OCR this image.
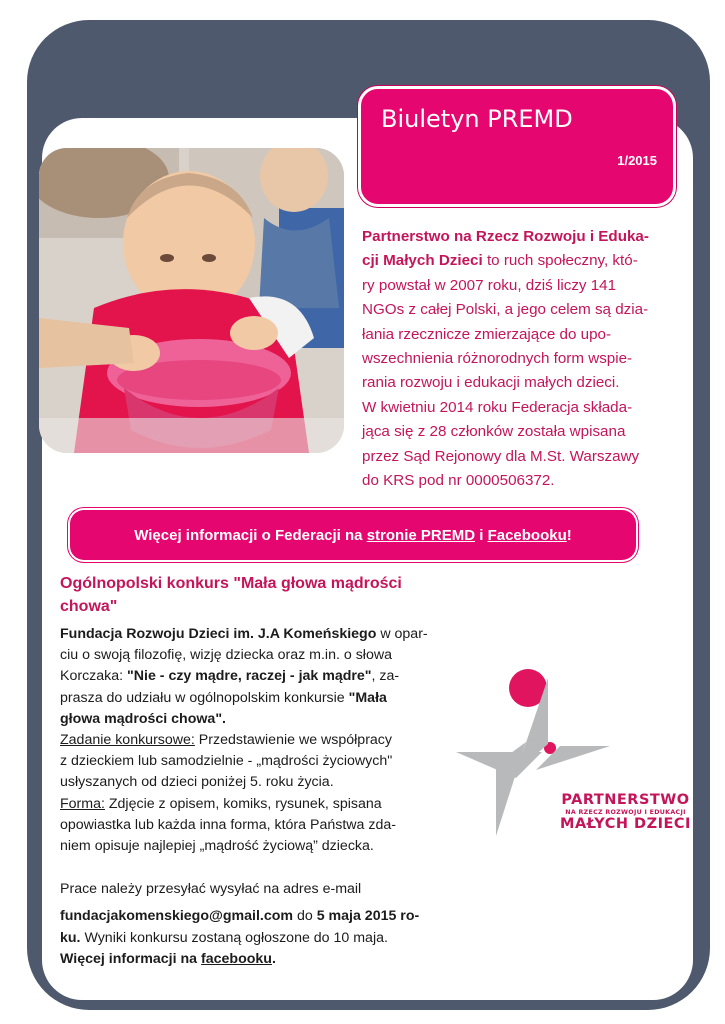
Biuletyn PREMD
1/2015
Partnerstwo na Rzecz Rozwoju i Eduka-
cji Małych Dzieci to ruch społeczny, któ-
ry powstał w 2007 roku, dziś liczy 141
NGOs z całej Polski, a jego celem są dzia-
łania rzecznicze zmierzające do upo-
wszechnienia różnorodnych form wspie-
rania rozwoju i edukacji małych dzieci.
W kwietniu 2014 roku Federacja składa-
jąca się z 28 członków została wpisana
przez Sąd Rejonowy dla M.St. Warszawy
do KRS pod nr 0000506372.
Więcej informacji o Federacji na stronie PREMD i Facebooku !
Ogólnopolski konkurs "Mała głowa mądrości chowa"

Fundacja Rozwoju Dzieci im. J.A Komeńskiego w opar-
ciu o swoją filozofię, wizję dziecka oraz m.in. o słowa
Korczaka: "Nie - czy mądre, raczej - jak mądre", za-
prasza do udziału w ogólnopolskim konkursie "Mała
głowa mądrości chowa".
Zadanie konkursowe: Przedstawienie we współpracy
z dzieckiem lub samodzielnie - „mądrości życiowych"
usłyszanych od dzieci poniżej 5. roku życia.
Forma: Zdjęcie z opisem, komiks, rysunek, spisana
opowiastka lub każda inna forma, która Państwa zda-
niem opisuje najlepiej „mądrość życiową” dziecka.

Prace należy przesyłać wysyłać na adres e-mail

fundacjakomenskiego@gmail.com do 5 maja 2015 ro-
ku. Wyniki konkursu zostaną ogłoszone do 10 maja.
Więcej informacji na facebooku.

PARTNERSTWO
NA RZECZ ROZWOJU I EDUKACJI
MAŁYCH DZIECI
